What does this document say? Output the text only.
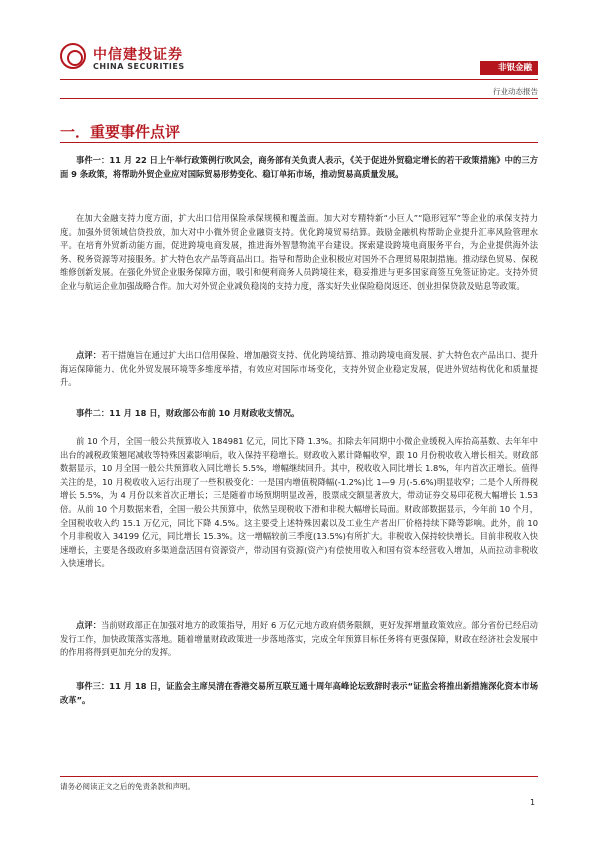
中信建投证券
CHINA SECURITIES	非银金融
行业动态报告
一．重要事件点评

事件一：11 月 22 日上午举行政策例行吹风会，商务部有关负责人表示，《关于促进外贸稳定增长的若干政策措施》中的三方面 9 条政策，将帮助外贸企业应对国际贸易形势变化、稳订单拓市场，推动贸易高质量发展。

在加大金融支持力度方面，扩大出口信用保险承保规模和覆盖面。加大对专精特新“小巨人”“隐形冠军”等企业的承保支持力度。加强外贸领域信贷投放，加大对中小微外贸企业融资支持。优化跨境贸易结算。鼓励金融机构帮助企业提升汇率风险管理水平。在培育外贸新动能方面，促进跨境电商发展，推进海外智慧物流平台建设。探索建设跨境电商服务平台，为企业提供海外法务、税务资源等对接服务。扩大特色农产品等商品出口。指导和帮助企业积极应对国外不合理贸易限制措施。推动绿色贸易、保税维修创新发展。在强化外贸企业服务保障方面，吸引和便利商务人员跨境往来，稳妥推进与更多国家商签互免签证协定。支持外贸企业与航运企业加强战略合作。加大对外贸企业减负稳岗的支持力度，落实好失业保险稳岗返还、创业担保贷款及贴息等政策。

点评：若干措施旨在通过扩大出口信用保险、增加融资支持、优化跨境结算、推动跨境电商发展、扩大特色农产品出口、提升海运保障能力、优化外贸发展环境等多维度举措，有效应对国际市场变化，支持外贸企业稳定发展，促进外贸结构优化和质量提升。

事件二：11 月 18 日，财政部公布前 10 月财政收支情况。

前 10 个月，全国一般公共预算收入 184981 亿元，同比下降 1.3%。扣除去年同期中小微企业缓税入库抬高基数、去年年中出台的减税政策翘尾减收等特殊因素影响后，收入保持平稳增长。财政收入累计降幅收窄，跟 10 月份税收收入增长相关。财政部数据显示，10 月全国一般公共预算收入同比增长 5.5%，增幅继续回升。其中，税收收入同比增长 1.8%，年内首次正增长。值得关注的是，10 月税收收入运行出现了一些积极变化：一是国内增值税降幅(-1.2%)比 1—9 月(-5.6%)明显收窄；二是个人所得税增长 5.5%，为 4 月份以来首次正增长；三是随着市场预期明显改善，股票成交额显著放大，带动证券交易印花税大幅增长 1.53 倍。从前 10 个月数据来看，全国一般公共预算中，依然呈现税收下滑和非税大幅增长局面。财政部数据显示，今年前 10 个月，全国税收收入约 15.1 万亿元，同比下降 4.5%。这主要受上述特殊因素以及工业生产者出厂价格持续下降等影响。此外，前 10 个月非税收入 34199 亿元，同比增长 15.3%。这一增幅较前三季度(13.5%)有所扩大。非税收入保持较快增长。目前非税收入快速增长，主要是各级政府多渠道盘活国有资源资产，带动国有资源(资产)有偿使用收入和国有资本经营收入增加，从而拉动非税收入快速增长。

点评：当前财政部正在加强对地方的政策指导，用好 6 万亿元地方政府债务限额，更好发挥增量政策效应。部分省份已经启动发行工作，加快政策落实落地。随着增量财政政策进一步落地落实，完成全年预算目标任务将有更强保障，财政在经济社会发展中的作用将得到更加充分的发挥。

事件三：11 月 18 日，证监会主席吴清在香港交易所互联互通十周年高峰论坛致辞时表示“证监会将推出新措施深化资本市场改革”。

请务必阅读正文之后的免责条款和声明。
1
